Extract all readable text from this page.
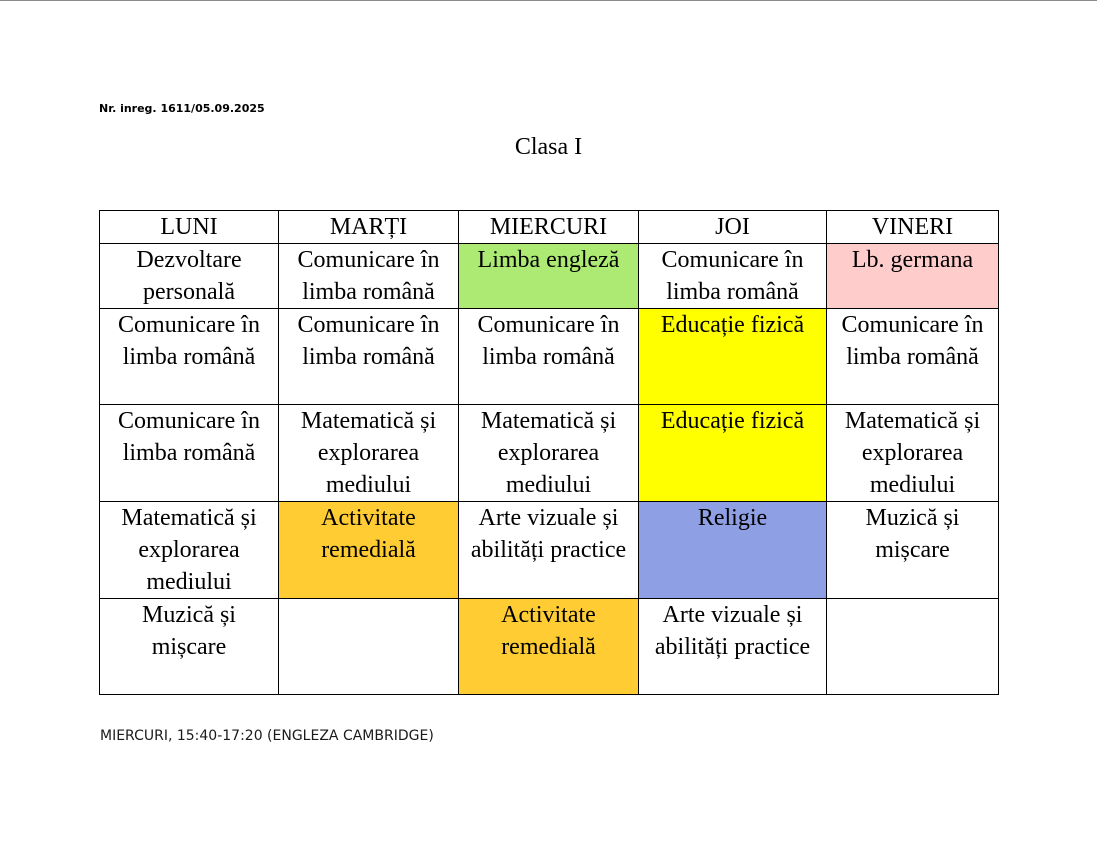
Nr. inreg. 1611/05.09.2025
Clasa I
LUNI	MARȚI	MIERCURI	JOI	VINERI
Dezvoltare personală	Comunicare în limba română	Limba engleză	Comunicare în limba română	Lb. germana
Comunicare în limba română	Comunicare în limba română	Comunicare în limba română	Educație fizică	Comunicare în limba română
Comunicare în limba română	Matematică și explorarea mediului	Matematică și explorarea mediului	Educație fizică	Matematică și explorarea mediului
Matematică și explorarea mediului	Activitate remedială	Arte vizuale și abilități practice	Religie	Muzică și mișcare
Muzică și mișcare		Activitate remedială	Arte vizuale și abilități practice	
MIERCURI, 15:40-17:20 (ENGLEZA CAMBRIDGE)
